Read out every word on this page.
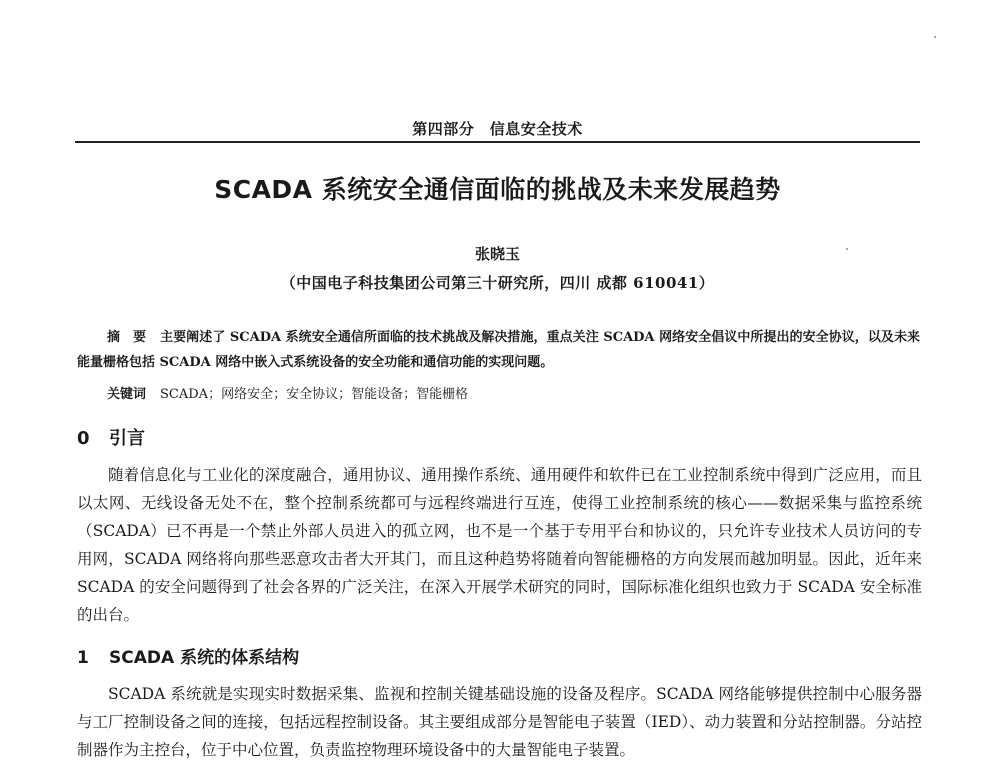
第四部分　信息安全技术
SCADA 系统安全通信面临的挑战及未来发展趋势
张晓玉
（中国电子科技集团公司第三十研究所，四川 成都 610041）
摘　要 主要阐述了 SCADA 系统安全通信所面临的技术挑战及解决措施，重点关注 SCADA 网络安全倡议中所提出的安全协议，以及未来能量栅格包括 SCADA 网络中嵌入式系统设备的安全功能和通信功能的实现问题。
关键词 SCADA；网络安全；安全协议；智能设备；智能栅格
0 引言
随着信息化与工业化的深度融合，通用协议、通用操作系统、通用硬件和软件已在工业控制系统中得到广泛应用，而且以太网、无线设备无处不在，整个控制系统都可与远程终端进行互连，使得工业控制系统的核心——数据采集与监控系统（SCADA）已不再是一个禁止外部人员进入的孤立网，也不是一个基于专用平台和协议的，只允许专业技术人员访问的专用网，SCADA 网络将向那些恶意攻击者大开其门，而且这种趋势将随着向智能栅格的方向发展而越加明显。因此，近年来 SCADA 的安全问题得到了社会各界的广泛关注，在深入开展学术研究的同时，国际标准化组织也致力于 SCADA 安全标准的出台。
1 SCADA 系统的体系结构
SCADA 系统就是实现实时数据采集、监视和控制关键基础设施的设备及程序。SCADA 网络能够提供控制中心服务器与工厂控制设备之间的连接，包括远程控制设备。其主要组成部分是智能电子装置（IED）、动力装置和分站控制器。分站控制器作为主控台，位于中心位置，负责监控物理环境设备中的大量智能电子装置。
